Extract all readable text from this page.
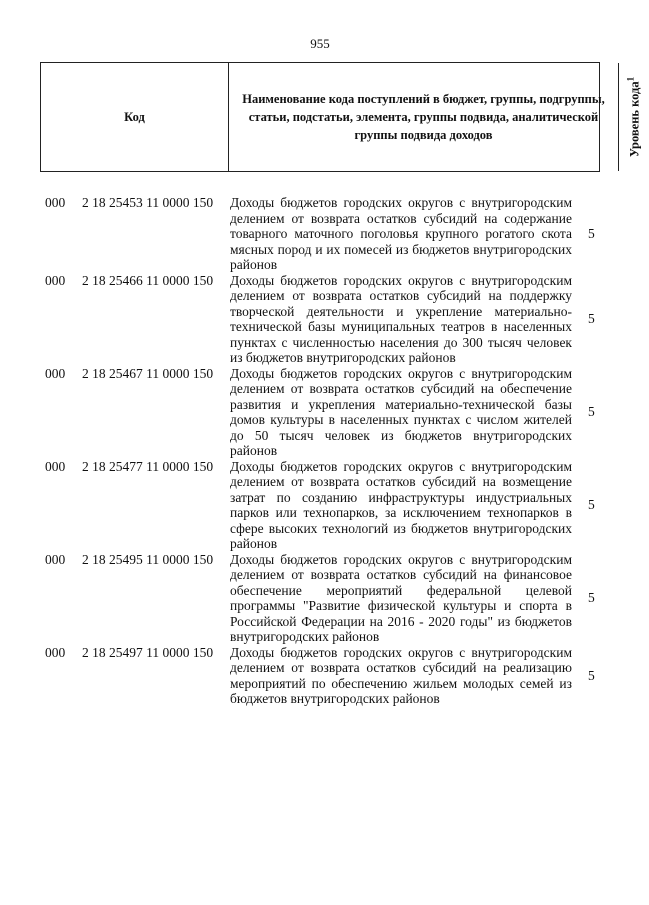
955
Код
Наименование кода поступлений в бюджет, группы, подгруппы, статьи, подстатьи, элемента, группы подвида, аналитической группы подвида доходов	Уровень кода$^1$
000 2 18 25453 11 0000 150 Доходы бюджетов городских округов с внутригородским делением от возврата остатков субсидий на содержание товарного маточного поголовья крупного рогатого скота мясных пород и их помесей из бюджетов внутригородских районов
5
000 2 18 25466 11 0000 150 Доходы бюджетов городских округов с внутригородским делением от возврата остатков субсидий на поддержку творческой деятельности и укрепление материально-технической базы муниципальных театров в населенных пунктах с численностью населения до 300 тысяч человек из бюджетов внутригородских районов
5
000 2 18 25467 11 0000 150 Доходы бюджетов городских округов с внутригородским делением от возврата остатков субсидий на обеспечение развития и укрепления материально-технической базы домов культуры в населенных пунктах с числом жителей до 50 тысяч человек из бюджетов внутригородских районов
5
000 2 18 25477 11 0000 150 Доходы бюджетов городских округов с внутригородским делением от возврата остатков субсидий на возмещение затрат по созданию инфраструктуры индустриальных парков или технопарков, за исключением технопарков в сфере высоких технологий из бюджетов внутригородских районов
5
000 2 18 25495 11 0000 150 Доходы бюджетов городских округов с внутригородским делением от возврата остатков субсидий на финансовое обеспечение мероприятий федеральной целевой программы "Развитие физической культуры и спорта в Российской Федерации на 2016 - 2020 годы" из бюджетов внутригородских районов
5
000 2 18 25497 11 0000 150 Доходы бюджетов городских округов с внутригородским делением от возврата остатков субсидий на реализацию мероприятий по обеспечению жильем молодых семей из бюджетов внутригородских районов
5
